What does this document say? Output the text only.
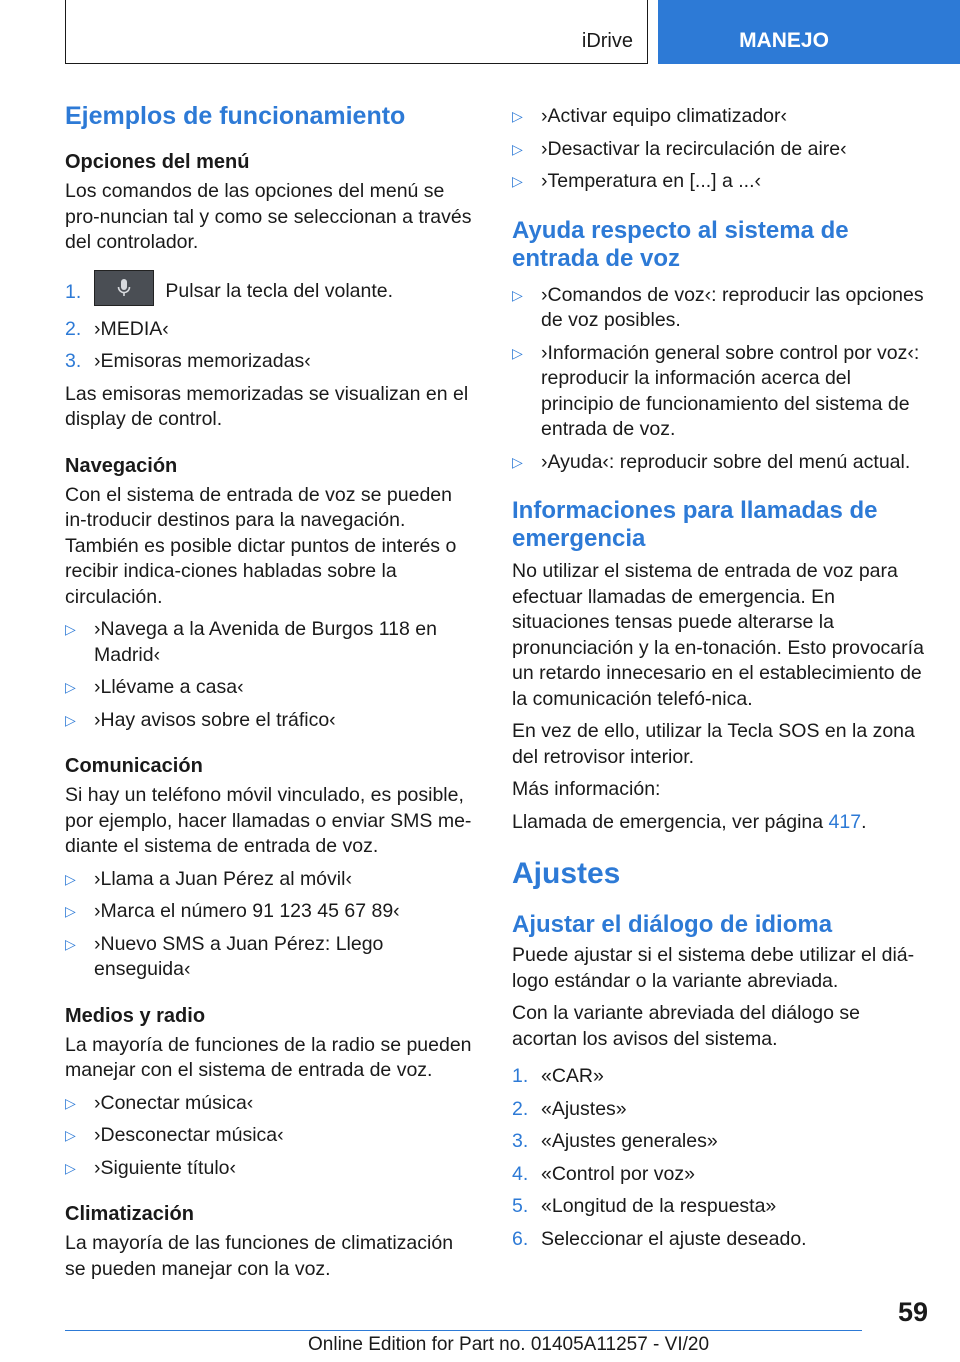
iDrive	MANEJO
Ejemplos de funcionamiento
Opciones del menú

Los comandos de las opciones del menú se pro-nuncian tal y como se seleccionan a través del controlador.

1.	Pulsar la tecla del volante.
2. ›MEDIA‹
3. ›Emisoras memorizadas‹

Las emisoras memorizadas se visualizan en el display de control.

Navegación

Con el sistema de entrada de voz se pueden in-troducir destinos para la navegación. También es posible dictar puntos de interés o recibir indica-ciones habladas sobre la circulación.

▷ ›Navega a la Avenida de Burgos 118 en Madrid‹
▷ ›Llévame a casa‹
▷ ›Hay avisos sobre el tráfico‹
Comunicación

Si hay un teléfono móvil vinculado, es posible, por ejemplo, hacer llamadas o enviar SMS me-diante el sistema de entrada de voz.

▷ ›Llama a Juan Pérez al móvil‹
▷ ›Marca el número 91 123 45 67 89‹
▷ ›Nuevo SMS a Juan Pérez: Llego enseguida‹
Medios y radio

La mayoría de funciones de la radio se pueden manejar con el sistema de entrada de voz.

▷ ›Conectar música‹
▷ ›Desconectar música‹
▷ ›Siguiente título‹
Climatización

La mayoría de las funciones de climatización se pueden manejar con la voz.

▷ ›Activar equipo climatizador‹
▷ ›Desactivar la recirculación de aire‹
▷ ›Temperatura en [...] a ...‹
Ayuda respecto al sistema de entrada de voz
▷ ›Comandos de voz‹: reproducir las opciones de voz posibles.
▷ ›Información general sobre control por voz‹: reproducir la información acerca del principio de funcionamiento del sistema de entrada de voz.
▷ ›Ayuda‹: reproducir sobre del menú actual.
Informaciones para llamadas de emergencia

No utilizar el sistema de entrada de voz para efectuar llamadas de emergencia. En situaciones tensas puede alterarse la pronunciación y la en-tonación. Esto provocaría un retardo innecesario en el establecimiento de la comunicación telefó-nica.

En vez de ello, utilizar la Tecla SOS en la zona del retrovisor interior.

Más información:

Llamada de emergencia, ver página 417.

Ajustes
Ajustar el diálogo de idioma

Puede ajustar si el sistema debe utilizar el diá-logo estándar o la variante abreviada.

Con la variante abreviada del diálogo se acortan los avisos del sistema.

1. «CAR»
2. «Ajustes»
3. «Ajustes generales»
4. «Control por voz»
5. «Longitud de la respuesta»
6. Seleccionar el ajuste deseado.
59
Online Edition for Part no. 01405A11257 - VI/20
